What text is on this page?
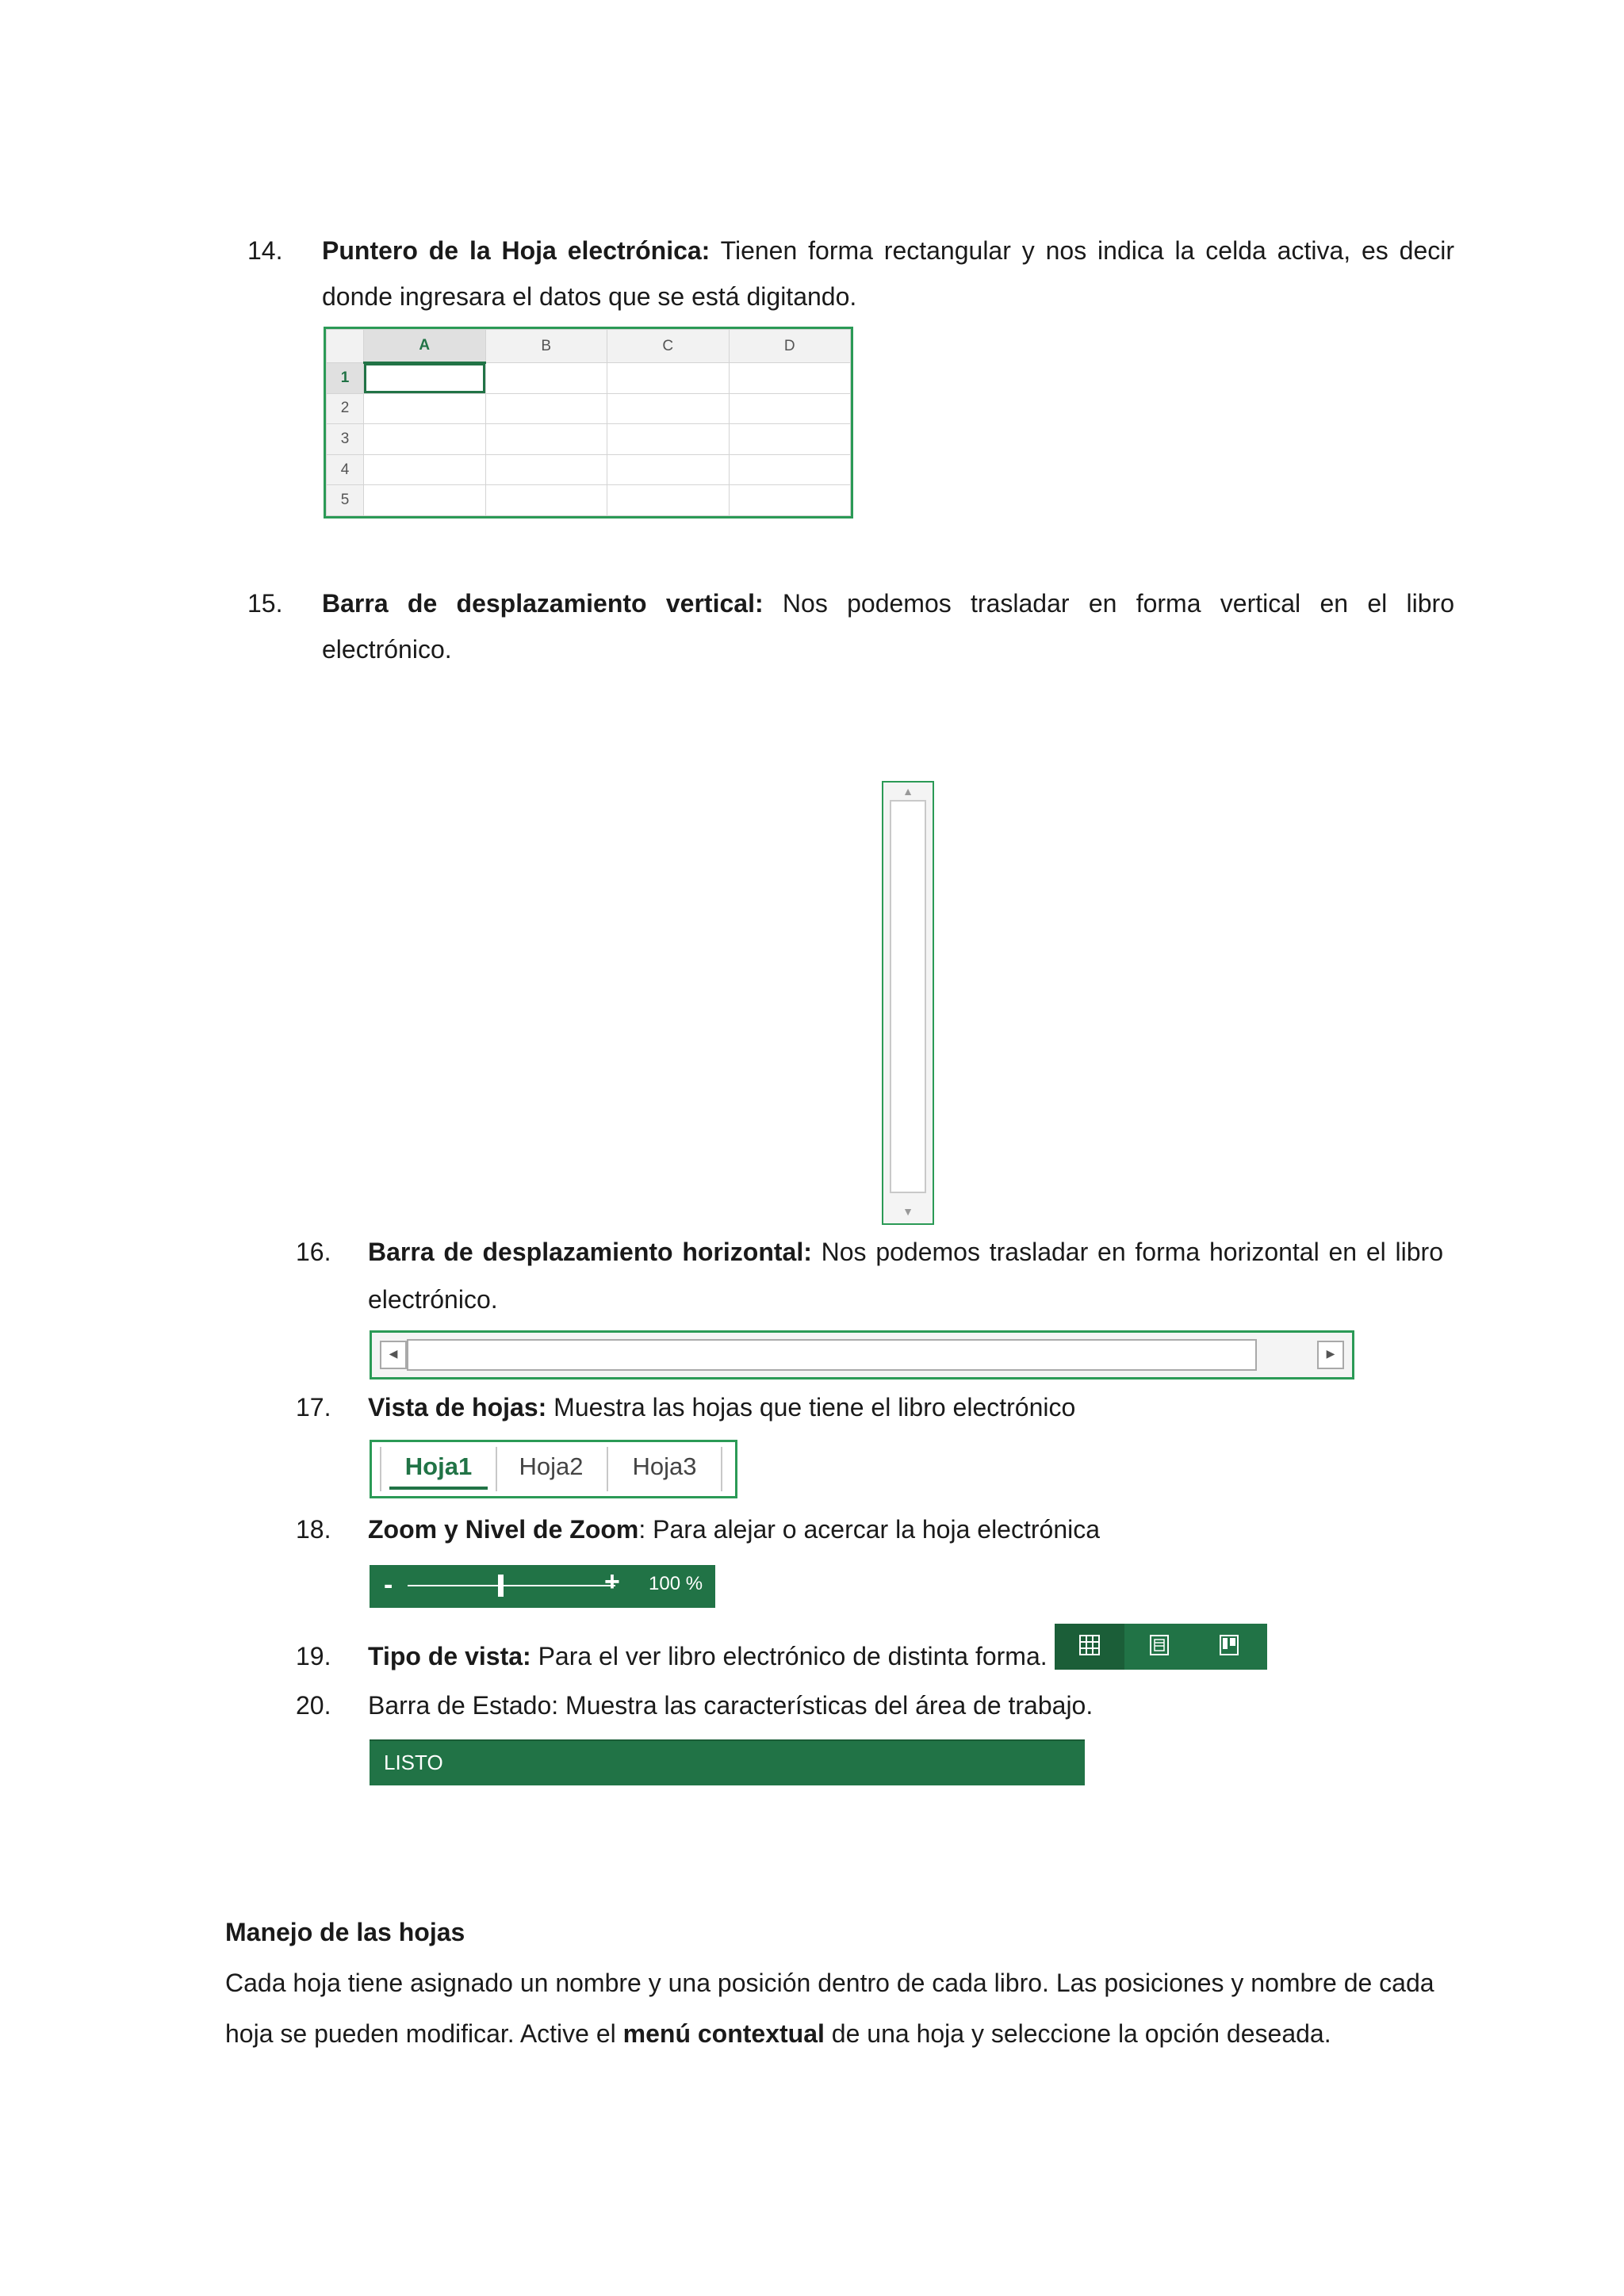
14. Puntero de la Hoja electrónica: Tienen forma rectangular y nos indica la celda activa, es decir

donde ingresara el datos que se está digitando.

	A	B	C	D
1				
2				
3				
4				
5				
15. Barra de desplazamiento vertical: Nos podemos trasladar en forma vertical en el libro

electrónico.

▲
▼
16. Barra de desplazamiento horizontal: Nos podemos trasladar en forma horizontal en el libro

electrónico.

◀	▶
17. Vista de hojas: Muestra las hojas que tiene el libro electrónico

Hoja1	Hoja2	Hoja3
18. Zoom y Nivel de Zoom: Para alejar o acercar la hoja electrónica

-	+ 100 %
19. Tipo de vista: Para el ver libro electrónico de distinta forma.

20. Barra de Estado: Muestra las características del área de trabajo.

LISTO

Manejo de las hojas

Cada hoja tiene asignado un nombre y una posición dentro de cada libro. Las posiciones y nombre de cada

hoja se pueden modificar. Active el menú contextual de una hoja y seleccione la opción deseada.
